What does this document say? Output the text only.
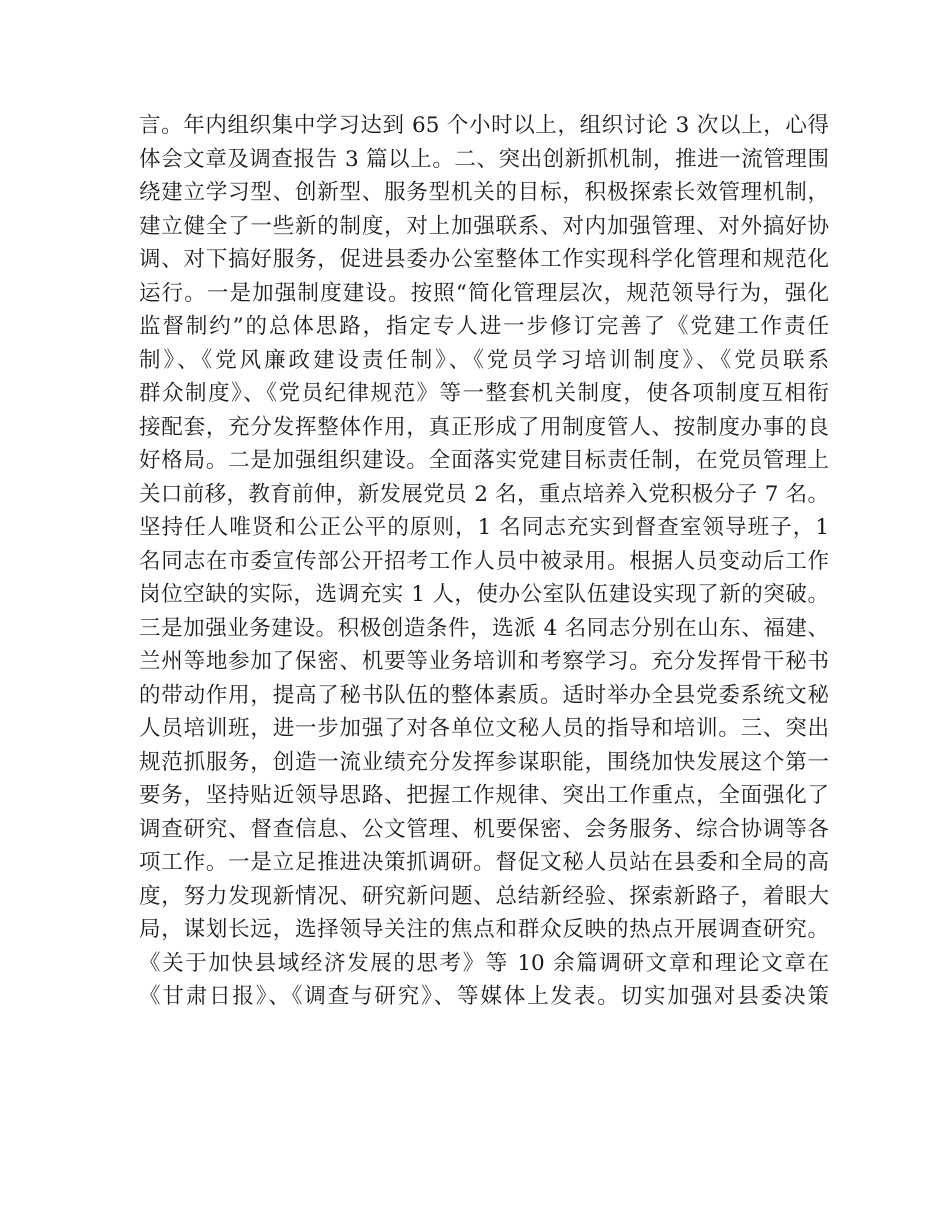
言。年内组织集中学习达到 65 个小时以上，组织讨论 3 次以上，心得
体会文章及调查报告 3 篇以上。二、突出创新抓机制，推进一流管理围
绕建立学习型、创新型、服务型机关的目标，积极探索长效管理机制，
建立健全了一些新的制度，对上加强联系、对内加强管理、对外搞好协
调、对下搞好服务，促进县委办公室整体工作实现科学化管理和规范化
运行。一是加强制度建设。按照“简化管理层次，规范领导行为，强化
监督制约”的总体思路，指定专人进一步修订完善了《党建工作责任
制》、《党风廉政建设责任制》、《党员学习培训制度》、《党员联系
群众制度》、《党员纪律规范》等一整套机关制度，使各项制度互相衔
接配套，充分发挥整体作用，真正形成了用制度管人、按制度办事的良
好格局。二是加强组织建设。全面落实党建目标责任制，在党员管理上
关口前移，教育前伸，新发展党员 2 名，重点培养入党积极分子 7 名。
坚持任人唯贤和公正公平的原则，1 名同志充实到督查室领导班子，1
名同志在市委宣传部公开招考工作人员中被录用。根据人员变动后工作
岗位空缺的实际，选调充实 1 人，使办公室队伍建设实现了新的突破。
三是加强业务建设。积极创造条件，选派 4 名同志分别在山东、福建、
兰州等地参加了保密、机要等业务培训和考察学习。充分发挥骨干秘书
的带动作用，提高了秘书队伍的整体素质。适时举办全县党委系统文秘
人员培训班，进一步加强了对各单位文秘人员的指导和培训。三、突出
规范抓服务，创造一流业绩充分发挥参谋职能，围绕加快发展这个第一
要务，坚持贴近领导思路、把握工作规律、突出工作重点，全面强化了
调查研究、督查信息、公文管理、机要保密、会务服务、综合协调等各
项工作。一是立足推进决策抓调研。督促文秘人员站在县委和全局的高
度，努力发现新情况、研究新问题、总结新经验、探索新路子，着眼大
局，谋划长远，选择领导关注的焦点和群众反映的热点开展调查研究。
《关于加快县域经济发展的思考》等 10 余篇调研文章和理论文章在
《甘肃日报》、《调查与研究》、等媒体上发表。切实加强对县委决策
